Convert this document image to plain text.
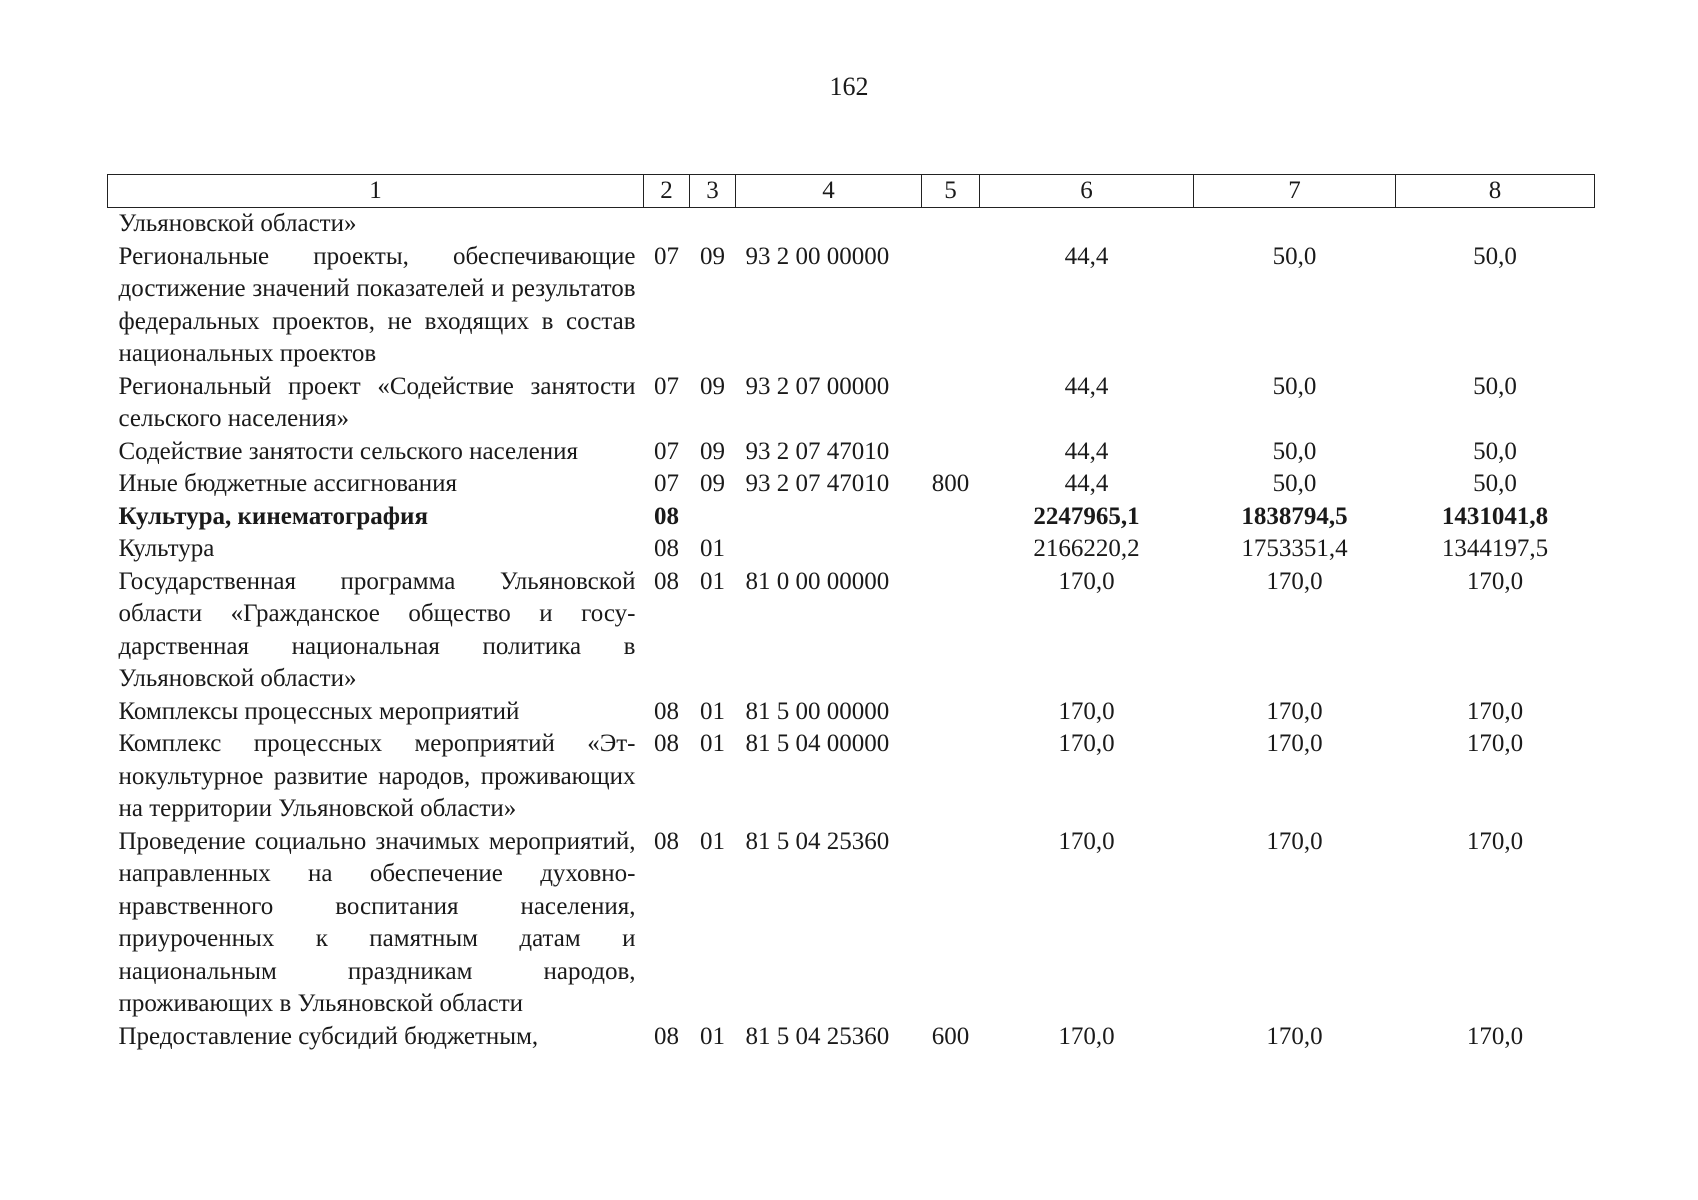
162
1	2	3	4	5	6	7	8
Ульяновской области»							
Региональные проекты, обеспечивающие достижение значений показателей и результатов федеральных проектов, не входящих в состав национальных проектов	07	09	93 2 00 00000		44,4	50,0	50,0
Региональный проект «Содействие занятости сельского населения»	07	09	93 2 07 00000		44,4	50,0	50,0
Содействие занятости сельского населения	07	09	93 2 07 47010		44,4	50,0	50,0
Иные бюджетные ассигнования	07	09	93 2 07 47010	800	44,4	50,0	50,0
Культура, кинематография	08				2247965,1	1838794,5	1431041,8
Культура	08	01			2166220,2	1753351,4	1344197,5
Государственная программа Ульяновской области «Гражданское общество и государственная национальная политика в Ульяновской области»	08	01	81 0 00 00000		170,0	170,0	170,0
Комплексы процессных мероприятий	08	01	81 5 00 00000		170,0	170,0	170,0
Комплекс процессных мероприятий «Этнокультурное развитие народов, проживающих на территории Ульяновской области»	08	01	81 5 04 00000		170,0	170,0	170,0
Проведение социально значимых мероприятий, направленных на обеспечение духовно-нравственного воспитания населения, приуроченных к памятным датам и национальным праздникам народов, проживающих в Ульяновской области	08	01	81 5 04 25360		170,0	170,0	170,0
Предоставление субсидий бюджетным,	08	01	81 5 04 25360	600	170,0	170,0	170,0
